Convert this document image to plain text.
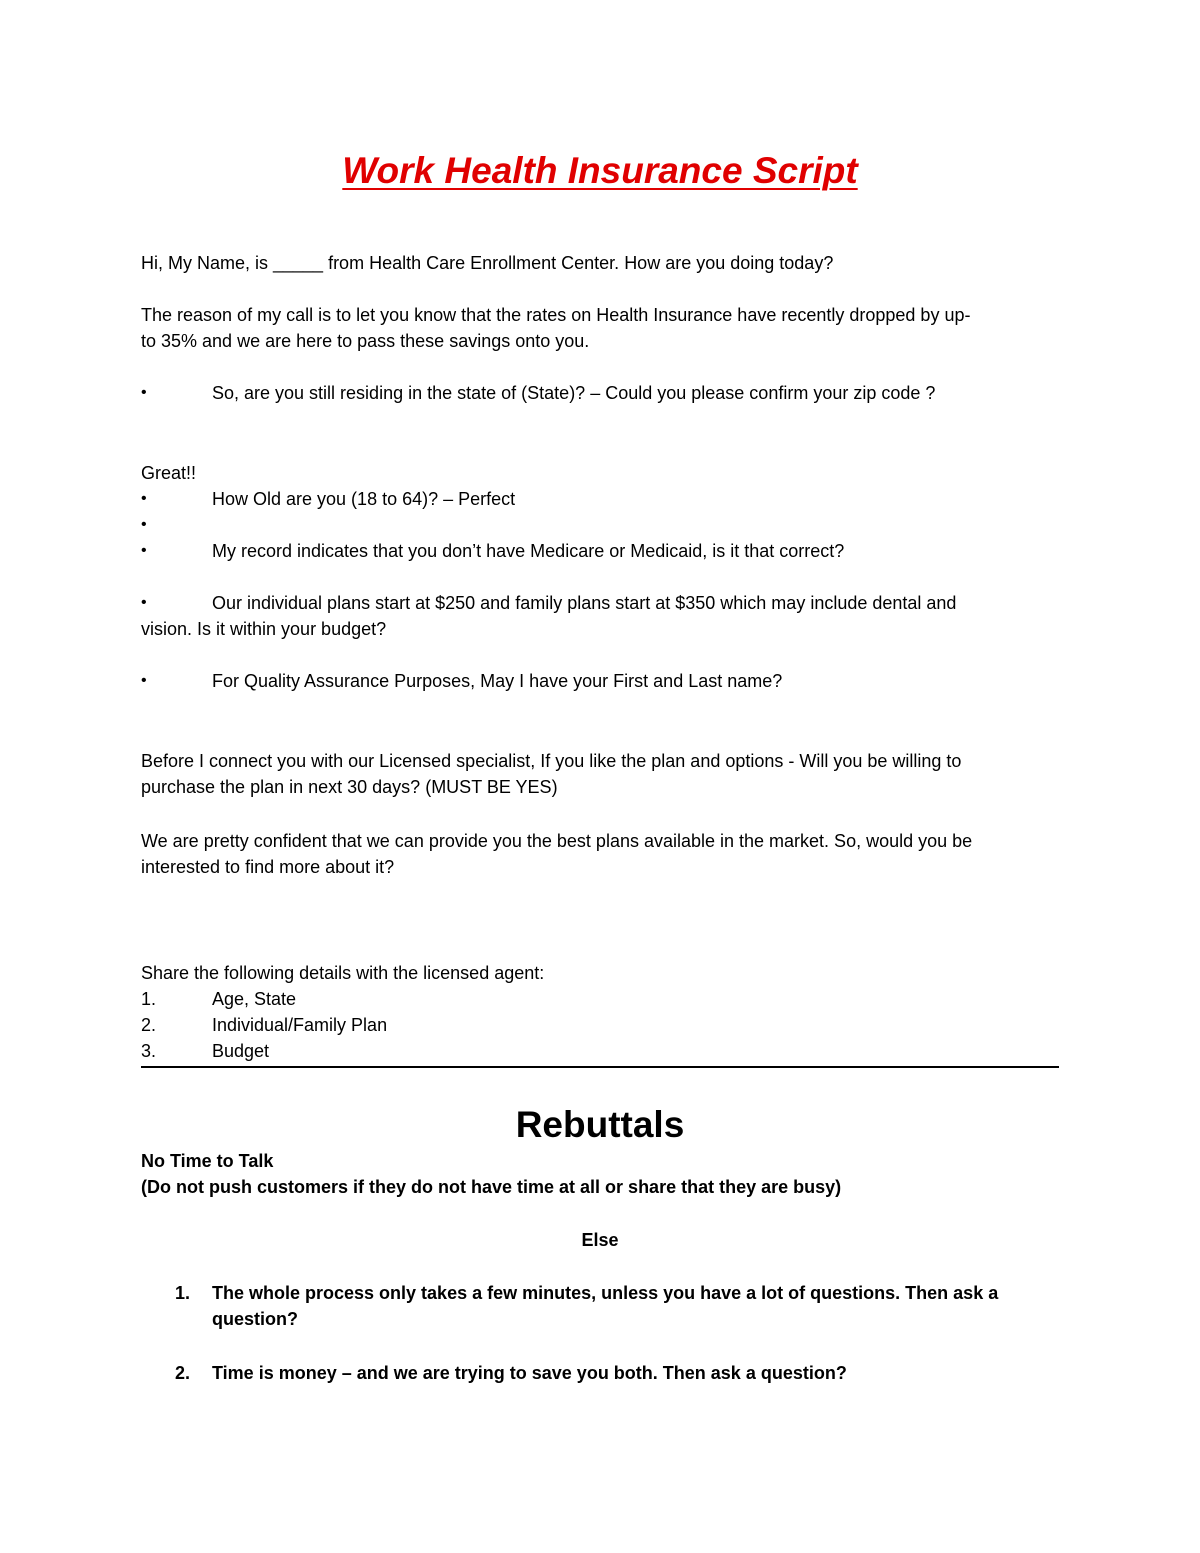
Work Health Insurance Script

Hi, My Name, is _____ from Health Care Enrollment Center. How are you doing today?

The reason of my call is to let you know that the rates on Health Insurance have recently dropped by up-

to 35% and we are here to pass these savings onto you.

•	So, are you still residing in the state of (State)? – Could you please confirm your zip code ?

Great!!

•	How Old are you (18 to 64)? – Perfect
•
•	My record indicates that you don’t have Medicare or Medicaid, is it that correct?
•	Our individual plans start at $250 and family plans start at $350 which may include dental and

vision. Is it within your budget?

•	For Quality Assurance Purposes, May I have your First and Last name?

Before I connect you with our Licensed specialist, If you like the plan and options - Will you be willing to

purchase the plan in next 30 days? (MUST BE YES)

We are pretty confident that we can provide you the best plans available in the market. So, would you be

interested to find more about it?

Share the following details with the licensed agent:

1.	Age, State
2.	Individual/Family Plan
3.	Budget

Rebuttals

No Time to Talk

(Do not push customers if they do not have time at all or share that they are busy)

Else

1. The whole process only takes a few minutes, unless you have a lot of questions. Then ask a

question?

2. Time is money – and we are trying to save you both. Then ask a question?
